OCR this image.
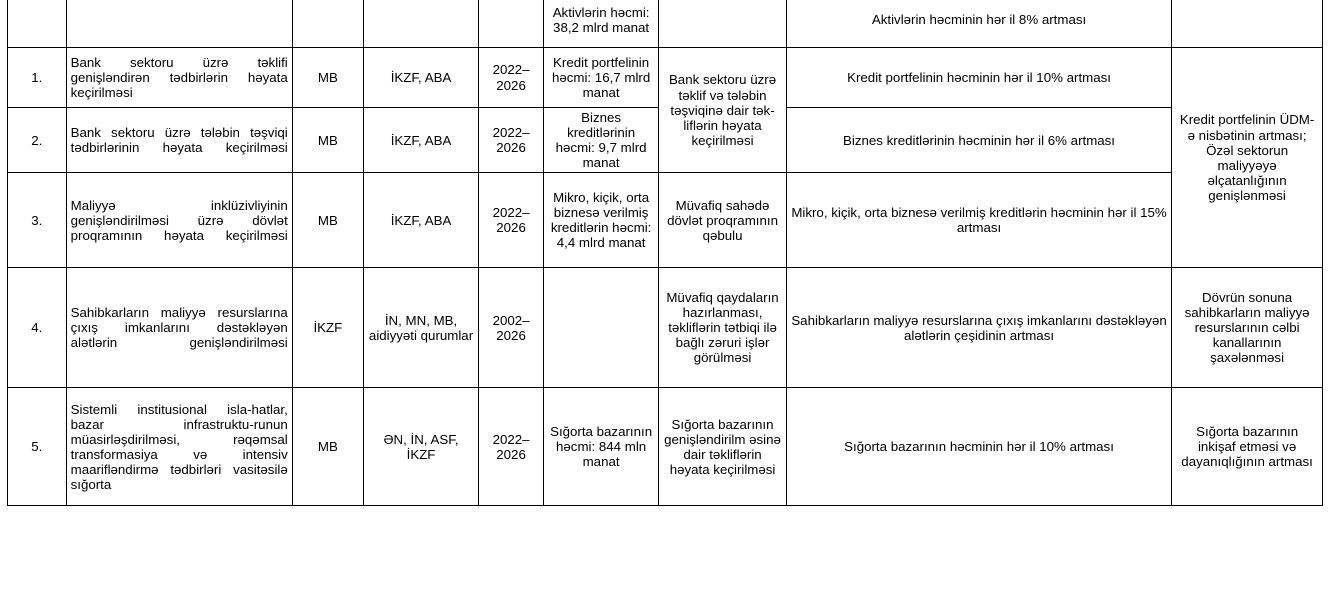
					Aktivlərin həcmi: 38,2 mlrd manat		Aktivlərin həcminin hər il 8% artması	
1.	Bank sektoru üzrə təklifi genişləndirən tədbirlərin həyata keçirilməsi	MB	İKZF, ABA	2022–2026	Kredit portfelinin həcmi: 16,7 mlrd manat	Bank sektoru üzrə təklif və tələbin təşviqinə dair tək-liflərin həyata keçirilməsi	Kredit portfelinin həcminin hər il 10% artması	Kredit portfelinin ÜDM-ə nisbətinin artması; Özəl sektorun maliyyəyə əlçatanlığının genişlənməsi
2.	Bank sektoru üzrə tələbin təşviqi tədbirlərinin həyata keçirilməsi	MB	İKZF, ABA	2022–2026	Biznes kreditlərinin həcmi: 9,7 mlrd manat		Biznes kreditlərinin həcminin hər il 6% artması	
3.	Maliyyə inklüzivliyinin genişləndirilməsi üzrə dövlət proqramının həyata keçirilməsi	MB	İKZF, ABA	2022–2026	Mikro, kiçik, orta biznesə verilmiş kreditlərin həcmi: 4,4 mlrd manat	Müvafiq sahədə dövlət proqramının qəbulu	Mikro, kiçik, orta biznesə verilmiş kreditlərin həcminin hər il 15% artması	
4.	Sahibkarların maliyyə resurslarına çıxış imkanlarını dəstəkləyən alətlərin genişləndirilməsi	İKZF	İN, MN, MB, aidiyyəti qurumlar	2002–2026		Müvafiq qaydaların hazırlanması, təkliflərin tətbiqi ilə bağlı zəruri işlər görülməsi	Sahibkarların maliyyə resurslarına çıxış imkanlarını dəstəkləyən alətlərin çeşidinin artması	Dövrün sonuna sahibkarların maliyyə resurslarının cəlbi kanallarının şaxələnməsi
5.	Sistemli institusional isla-hatlar, bazar infrastruktu-runun müasirləşdirilməsi, rəqəmsal transformasiya və intensiv maarifləndirmə tədbirləri vasitəsilə sığorta	MB	ƏN, İN, ASF, İKZF	2022–2026	Sığorta bazarının həcmi: 844 mln manat	Sığorta bazarının genişləndirilm əsinə dair təkliflərin həyata keçirilməsi	Sığorta bazarının həcminin hər il 10% artması	Sığorta bazarının inkişaf etməsi və dayanıqlığının artması
